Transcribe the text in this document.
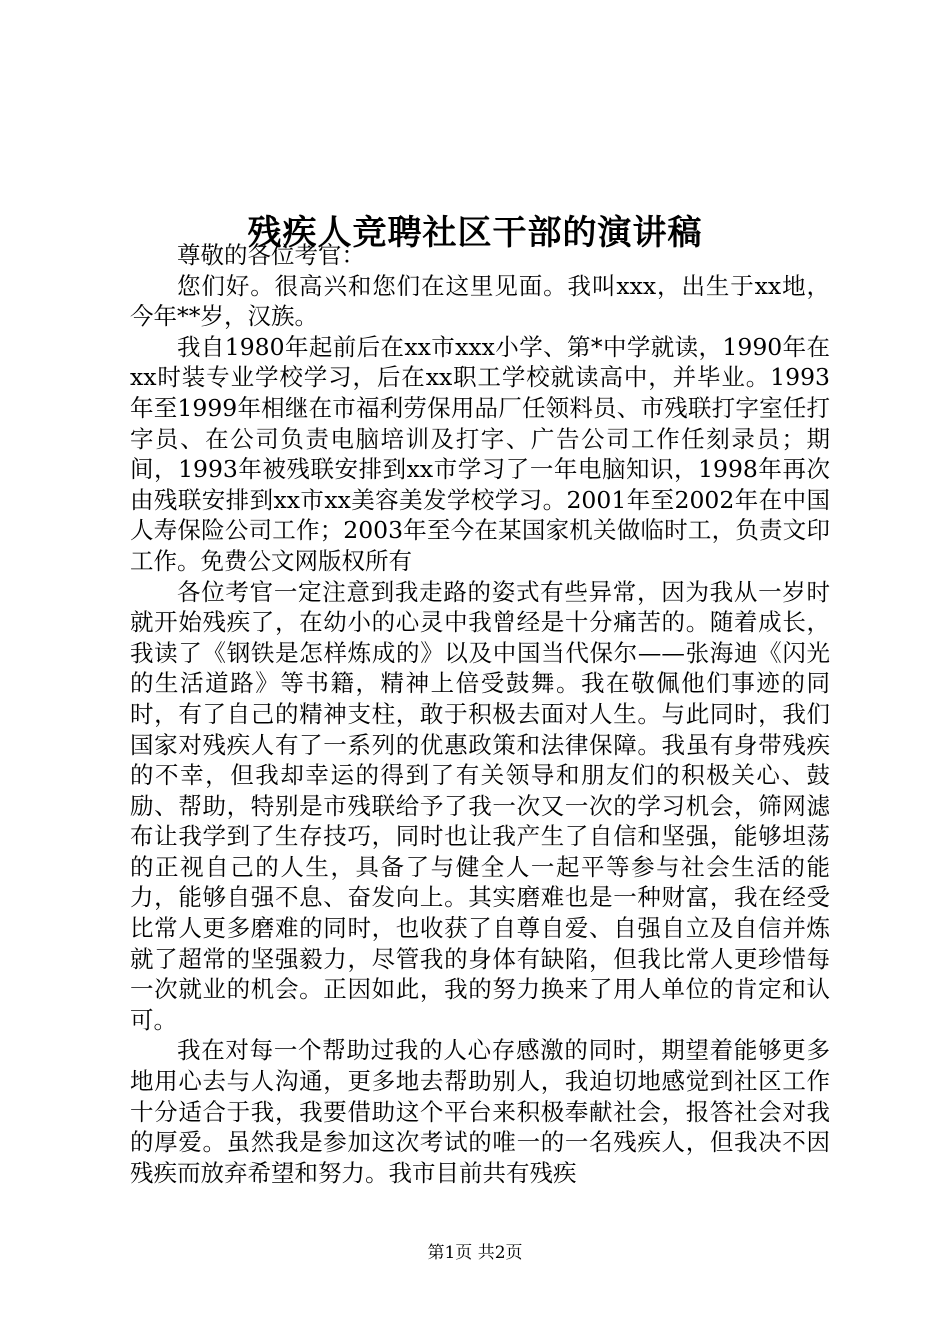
残疾人竞聘社区干部的演讲稿

尊敬的各位考官：

您们好。很高兴和您们在这里见面。我叫xxx，出生于xx地，今年**岁，汉族。

我自1980年起前后在xx市xxx小学、第*中学就读，1990年在xx时装专业学校学习，后在xx职工学校就读高中，并毕业。1993年至1999年相继在市福利劳保用品厂任领料员、市残联打字室任打字员、在公司负责电脑培训及打字、广告公司工作任刻录员；期间，1993年被残联安排到xx市学习了一年电脑知识，1998年再次由残联安排到xx市xx美容美发学校学习。2001年至2002年在中国人寿保险公司工作；2003年至今在某国家机关做临时工，负责文印工作。免费公文网版权所有

各位考官一定注意到我走路的姿式有些异常，因为我从一岁时就开始残疾了，在幼小的心灵中我曾经是十分痛苦的。随着成长，我读了《钢铁是怎样炼成的》以及中国当代保尔——张海迪《闪光的生活道路》等书籍，精神上倍受鼓舞。我在敬佩他们事迹的同时，有了自己的精神支柱，敢于积极去面对人生。与此同时，我们国家对残疾人有了一系列的优惠政策和法律保障。我虽有身带残疾的不幸，但我却幸运的得到了有关领导和朋友们的积极关心、鼓励、帮助，特别是市残联给予了我一次又一次的学习机会，筛网滤布让我学到了生存技巧，同时也让我产生了自信和坚强，能够坦荡的正视自己的人生，具备了与健全人一起平等参与社会生活的能力，能够自强不息、奋发向上。其实磨难也是一种财富，我在经受比常人更多磨难的同时，也收获了自尊自爱、自强自立及自信并炼就了超常的坚强毅力，尽管我的身体有缺陷，但我比常人更珍惜每一次就业的机会。正因如此，我的努力换来了用人单位的肯定和认可。

我在对每一个帮助过我的人心存感激的同时，期望着能够更多地用心去与人沟通，更多地去帮助别人，我迫切地感觉到社区工作十分适合于我，我要借助这个平台来积极奉献社会，报答社会对我的厚爱。虽然我是参加这次考试的唯一的一名残疾人，但我决不因残疾而放弃希望和努力。我市目前共有残疾

第1页 共2页
